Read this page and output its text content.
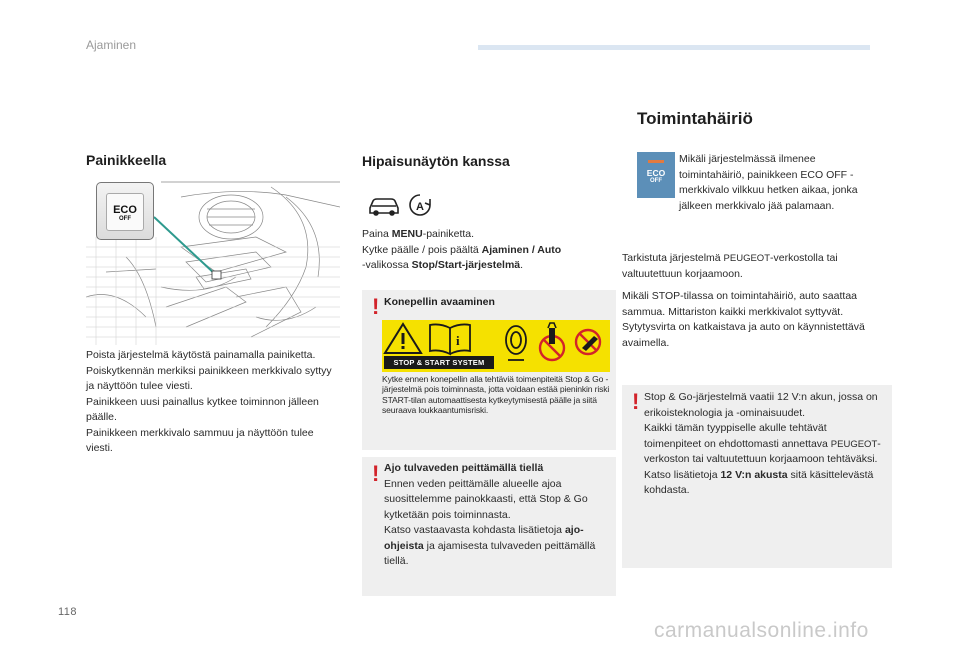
Ajaminen
Painikkeella
ECO
OFF
Poista järjestelmä käytöstä painamalla painiketta.
Poiskytkennän merkiksi painikkeen merkkivalo syttyy ja näyttöön tulee viesti.
Painikkeen uusi painallus kytkee toiminnon jälleen päälle.
Painikkeen merkkivalo sammuu ja näyttöön tulee viesti.
Hipaisunäytön kanssa
A
Paina MENU-painiketta.
Kytke päälle / pois päältä Ajaminen / Auto
-valikossa Stop/Start-järjestelmä.
! Konepellin avaaminen
i
STOP & START SYSTEM
Kytke ennen konepellin alla tehtäviä toimenpiteitä Stop & Go -järjestelmä pois toiminnasta, jotta voidaan estää pieninkin riski START-tilan automaattisesta kytkeytymisestä päälle ja siitä seuraava loukkaantumisriski.
! Ajo tulvaveden peittämällä tiellä
Ennen veden peittämälle alueelle ajoa suosittelemme painokkaasti, että Stop & Go kytketään pois toiminnasta.
Katso vastaavasta kohdasta lisätietoja ajo-ohjeista ja ajamisesta tulvaveden peittämällä tiellä.
Toimintahäiriö
ECO
OFF
Mikäli järjestelmässä ilmenee toimintahäiriö, painikkeen ECO OFF -merkkivalo vilkkuu hetken aikaa, jonka jälkeen merkkivalo jää palamaan.
Tarkistuta järjestelmä PEUGEOT-verkostolla tai valtuutettuun korjaamoon.
Mikäli STOP-tilassa on toimintahäiriö, auto saattaa sammua. Mittariston kaikki merkkivalot syttyvät. Sytytysvirta on katkaistava ja auto on käynnistettävä avaimella.
! Stop & Go-järjestelmä vaatii 12 V:n akun, jossa on erikoisteknologia ja -ominaisuudet.
Kaikki tämän tyyppiselle akulle tehtävät toimenpiteet on ehdottomasti annettava PEUGEOT-verkoston tai valtuutettuun korjaamoon tehtäväksi.
Katso lisätietoja 12 V:n akusta sitä käsittelevästä kohdasta.
118
carmanualsonline.info
